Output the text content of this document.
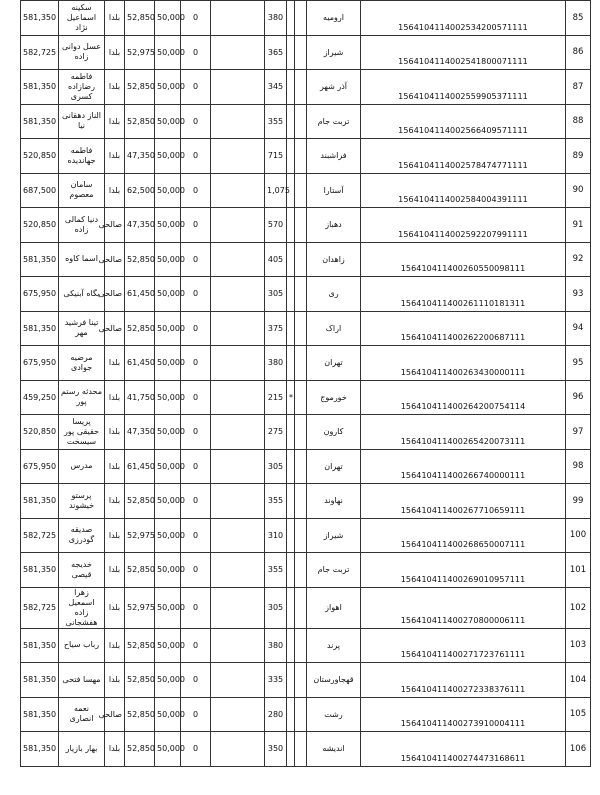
581,350	سکینه اسماعیل نژاد	بلدا	52,850	50,000	0		380			ارومیه	1564104114002534200571111	85
582,725	عسل دوانی زاده	بلدا	52,975	50,000	0		365			شیراز	1564104114002541800071111	86
581,350	فاطمه رضازاده کسری	بلدا	52,850	50,000	0		345			آذر شهر	1564104114002559905371111	87
581,350	الناز دهقانی نیا	بلدا	52,850	50,000	0		355			تربت جام	1564104114002566409571111	88
520,850	فاطمه جهاندیده	بلدا	47,350	50,000	0		715			فراشبند	1564104114002578474771111	89
687,500	سامان معصوم	بلدا	62,500	50,000	0		1,075			آستارا	1564104114002584004391111	90
520,850	دنیا کمالی زاده	صالحی	47,350	50,000	0		570			دهباز	1564104114002592207991111	91
581,350	اسما کاوه	صالحی	52,850	50,000	0		405			زاهدان	156410411400260550098111	92
675,950	یگاه آبنیکی	صالحی	61,450	50,000	0		305			ری	156410411400261110181311	93
581,350	تینا فرشید مهر	صالحی	52,850	50,000	0		375			اراک	156410411400262200687111	94
675,950	مرضیه جوادی	بلدا	61,450	50,000	0		380			تهران	156410411400263430000111	95
459,250	محدثه رستم پور	بلدا	41,750	50,000	0		215	*		خورموج	156410411400264200754114	96
520,850	پریسا حقیقی پور سیسخت	بلدا	47,350	50,000	0		275			کارون	156410411400265420073111	97
675,950	مدرس	بلدا	61,450	50,000	0		305			تهران	156410411400266740000111	98
581,350	پرستو خیشوند	بلدا	52,850	50,000	0		355			نهاوند	156410411400267710659111	99
582,725	صدیقه گودرزی	بلدا	52,975	50,000	0		310			شیراز	156410411400268650007111	100
581,350	خدیجه قیصی	بلدا	52,850	50,000	0		355			تربت جام	156410411400269010957111	101
582,725	زهرا اسمعیل زاده هفشجانی	بلدا	52,975	50,000	0		305			اهواز	156410411400270800006111	102
581,350	رباب سیاح	بلدا	52,850	50,000	0		380			پرند	156410411400271723761111	103
581,350	مهسا فتحی	بلدا	52,850	50,000	0		335			قهجاورستان	156410411400272338376111	104
581,350	نعمه انصاری	صالحی	52,850	50,000	0		280			رشت	156410411400273910004111	105
581,350	بهار بازیار	بلدا	52,850	50,000	0		350			اندیشه	156410411400274473168611	106
